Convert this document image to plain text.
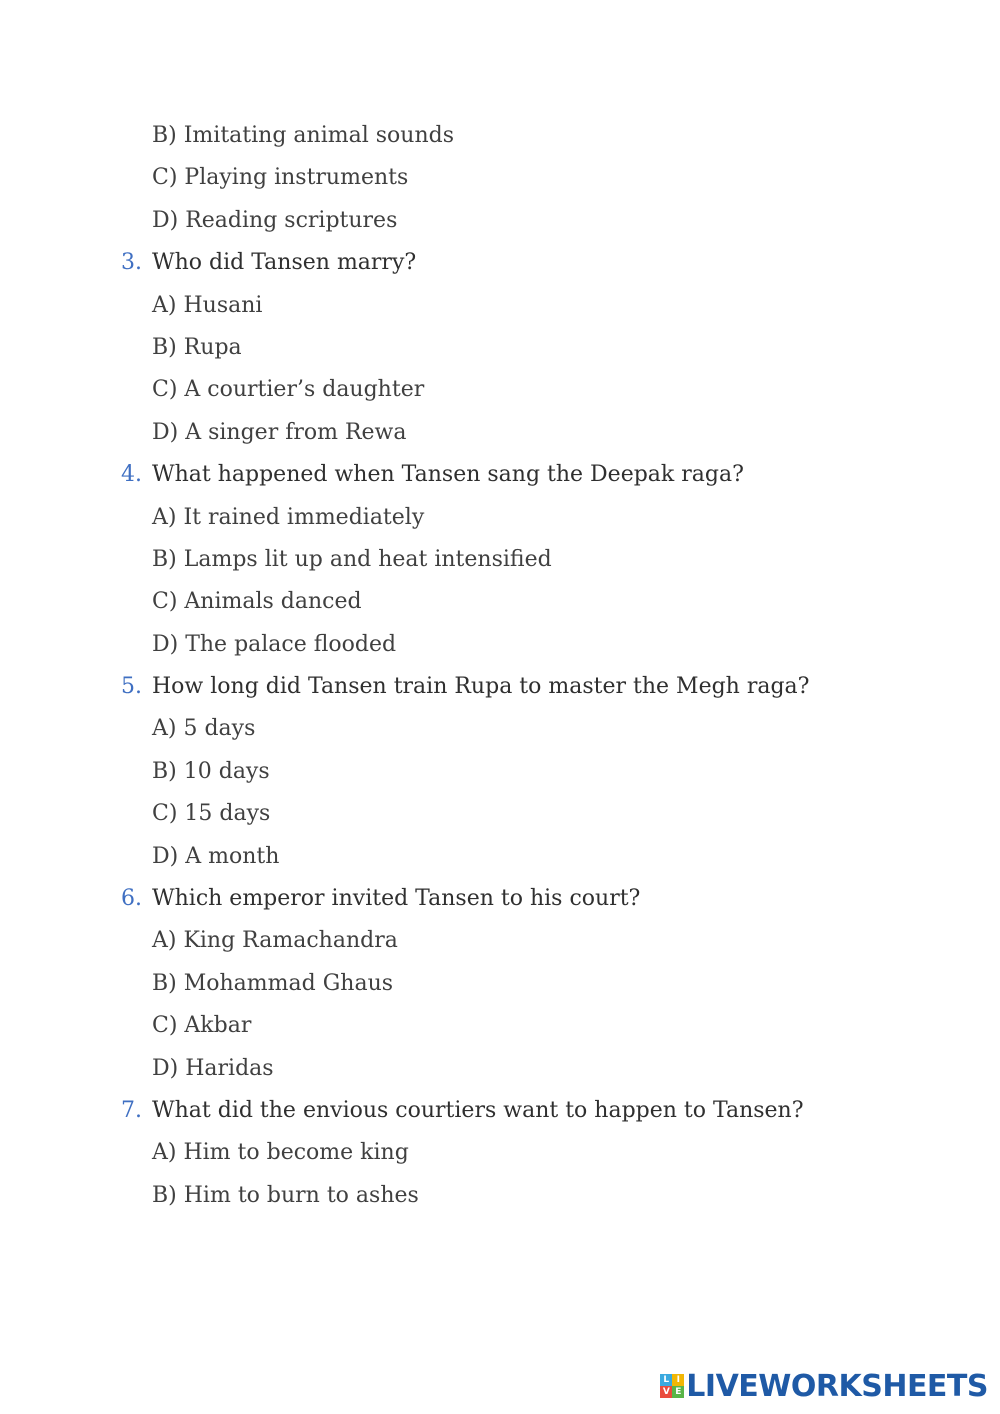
B) Imitating animal sounds
C) Playing instruments
D) Reading scriptures
3. Who did Tansen marry?
A) Husani
B) Rupa
C) A courtier’s daughter
D) A singer from Rewa
4. What happened when Tansen sang the Deepak raga?
A) It rained immediately
B) Lamps lit up and heat intensified
C) Animals danced
D) The palace flooded
5. How long did Tansen train Rupa to master the Megh raga?
A) 5 days
B) 10 days
C) 15 days
D) A month
6. Which emperor invited Tansen to his court?
A) King Ramachandra
B) Mohammad Ghaus
C) Akbar
D) Haridas
7. What did the envious courtiers want to happen to Tansen?
A) Him to become king
B) Him to burn to ashes
L I
V E LIVEWORKSHEETS
